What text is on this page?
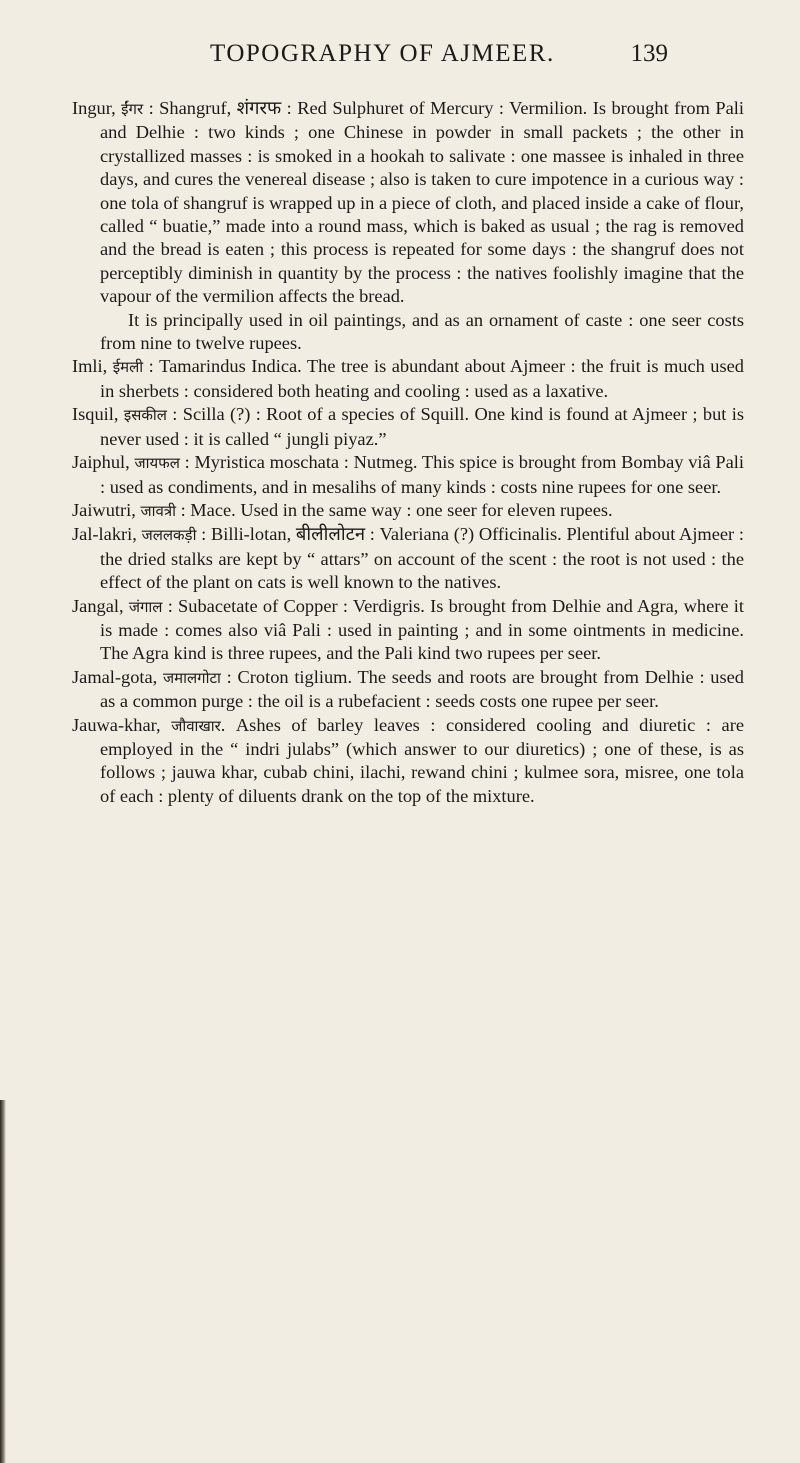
TOPOGRAPHY OF AJMEER.	139

Ingur, ईंगर : Shangruf, शंगरफ : Red Sulphuret of Mercury : Vermilion. Is brought from Pali and Delhie : two kinds ; one Chinese in powder in small packets ; the other in crystallized masses : is smoked in a hookah to salivate : one massee is inhaled in three days, and cures the venereal disease ; also is taken to cure impotence in a curious way : one tola of shangruf is wrapped up in a piece of cloth, and placed inside a cake of flour, called “ buatie,” made into a round mass, which is baked as usual ; the rag is removed and the bread is eaten ; this process is repeated for some days : the shangruf does not perceptibly diminish in quantity by the process : the natives foolishly imagine that the vapour of the vermilion affects the bread.

It is principally used in oil paintings, and as an ornament of caste : one seer costs from nine to twelve rupees.

Imli, ईमली : Tamarindus Indica. The tree is abundant about Ajmeer : the fruit is much used in sherbets : considered both heating and cooling : used as a laxative.

Isquil, इसकील : Scilla (?) : Root of a species of Squill. One kind is found at Ajmeer ; but is never used : it is called “ jungli piyaz.”

Jaiphul, जायफल : Myristica moschata : Nutmeg. This spice is brought from Bombay viâ Pali : used as condiments, and in mesalihs of many kinds : costs nine rupees for one seer.

Jaiwutri, जावत्री : Mace. Used in the same way : one seer for eleven rupees.

Jal-lakri, जललकड़ी : Billi-lotan, बीलीलोटन : Valeriana (?) Officinalis. Plentiful about Ajmeer : the dried stalks are kept by “ attars” on account of the scent : the root is not used : the effect of the plant on cats is well known to the natives.

Jangal, जंगाल : Subacetate of Copper : Verdigris. Is brought from Delhie and Agra, where it is made : comes also viâ Pali : used in painting ; and in some ointments in medicine. The Agra kind is three rupees, and the Pali kind two rupees per seer.

Jamal-gota, जमालगोटा : Croton tiglium. The seeds and roots are brought from Delhie : used as a common purge : the oil is a rubefacient : seeds costs one rupee per seer.

Jauwa-khar, जौवाखार. Ashes of barley leaves : considered cooling and diuretic : are employed in the “ indri julabs” (which answer to our diuretics) ; one of these, is as follows ; jauwa khar, cubab chini, ilachi, rewand chini ; kulmee sora, misree, one tola of each : plenty of diluents drank on the top of the mixture.
